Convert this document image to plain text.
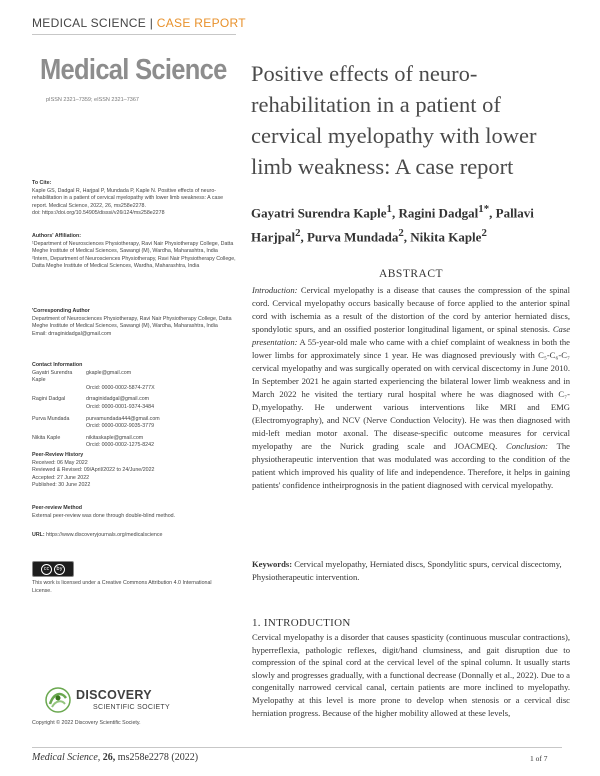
MEDICAL SCIENCE | CASE REPORT
Medical Science
pISSN 2321–7359; eISSN 2321–7367
Positive effects of neuro-rehabilitation in a patient of cervical myelopathy with lower limb weakness: A case report
Gayatri Surendra Kaple$^1$, Ragini Dadgal$^{1*}$, Pallavi Harjpal$^2$, Purva Mundada$^2$, Nikita Kaple$^2$
To Cite:
Kaple GS, Dadgal R, Harjpal P, Mundada P, Kaple N. Positive effects of neuro-rehabilitation in a patient of cervical myelopathy with lower limb weakness: A case report. Medical Science, 2022, 26, ms258e2278.
doi: https://doi.org/10.54905/disssi/v26i124/ms258e2278
Authors' Affiliation:
¹Department of Neurosciences Physiotherapy, Ravi Nair Physiotherapy College, Datta Meghe Institute of Medical Sciences, Sawangi (M), Wardha, Maharashtra, India
²Intern, Department of Neurosciences Physiotherapy, Ravi Nair Physiotherapy College, Datta Meghe Institute of Medical Sciences, Wardha, Maharashtra, India
'Corresponding Author
Department of Neurosciences Physiotherapy, Ravi Nair Physiotherapy College, Datta Meghe Institute of Medical Sciences, Sawangi (M), Wardha, Maharashtra, India
Email: drraginidadgal@gmail.com
Contact Information
Gayatri Surendra Kaple	gkaple@gmail.com
	Orcid: 0000-0002-5874-277X

Ragini Dadgal	drraginidadgal@gmail.com
	Orcid: 0000-0001-9374-3484

Purva Mundada	purvamundada444@gmail.com
	Orcid: 0000-0002-9035-3779

Nikita Kaple	nikitaskaple@gmail.com
	Orcid: 0000-0002-1275-8242
Peer-Review History
Received: 06 May 2022
Reviewed & Revised: 09/April/2022 to 24/June/2022
Accepted: 27 June 2022
Published: 30 June 2022
Peer-review Method
External peer-review was done through double-blind method.
URL: https://www.discoveryjournals.org/medicalscience
cc	by
This work is licensed under a Creative Commons Attribution 4.0 International License.
DISCOVERY
SCIENTIFIC SOCIETY
Copyright © 2022 Discovery Scientific Society.
ABSTRACT
Introduction: Cervical myelopathy is a disease that causes the compression of the spinal cord. Cervical myelopathy occurs basically because of force applied to the anterior spinal cord with ischemia as a result of the distortion of the cord by anterior herniated discs, spondylotic spurs, and an ossified posterior longitudinal ligament, or spinal stenosis. Case presentation: A 55-year-old male who came with a chief complaint of weakness in both the lower limbs for approximately since 1 year. He was diagnosed previously with C₅-C₆-C₇ cervical myelopathy and was surgically operated on with cervical discectomy in June 2010. In September 2021 he again started experiencing the bilateral lower limb weakness and in March 2022 he visited the tertiary rural hospital where he was diagnosed with C₇-D₁myelopathy. He underwent various interventions like MRI and EMG (Electromyography), and NCV (Nerve Conduction Velocity). He was then diagnosed with mid-left median motor axonal. The disease-specific outcome measures for cervical myelopathy are the Nurick grading scale and JOACMEQ. Conclusion: The physiotherapeutic intervention that was modulated was according to the condition of the patient which improved his quality of life and independence. Therefore, it helps in gaining patients' confidence intheirprognosis in the patient diagnosed with cervical myelopathy.
Keywords: Cervical myelopathy, Herniated discs, Spondylitic spurs, cervical discectomy, Physiotherapeutic intervention.
1. INTRODUCTION
Cervical myelopathy is a disorder that causes spasticity (continuous muscular contractions), hyperreflexia, pathologic reflexes, digit/hand clumsiness, and gait disruption due to compression of the spinal cord at the cervical level of the spinal column. It usually starts slowly and progresses gradually, with a functional decrease (Donnally et al., 2022). Due to a congenitally narrowed cervical canal, certain patients are more inclined to myelopathy. Myelopathy at this level is more prone to develop when stenosis or a cervical disc herniation progress. Because of the higher mobility allowed at these levels,
Medical Science, 26, ms258e2278 (2022)	1 of 7
